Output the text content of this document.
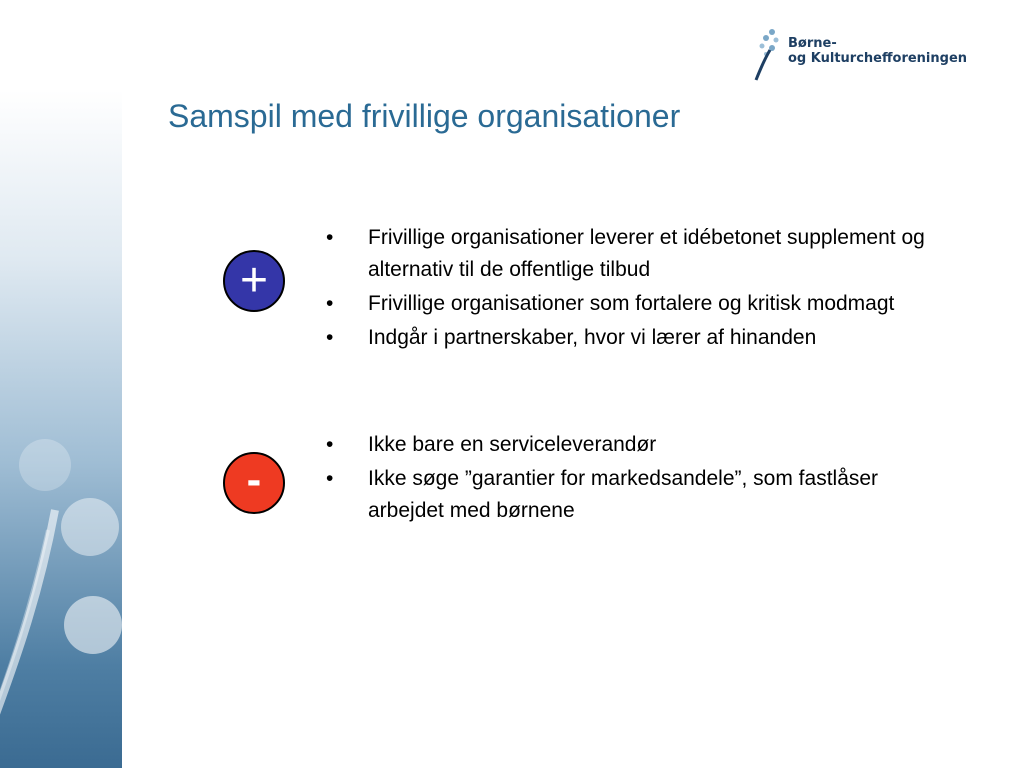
Børne-
og Kulturchefforeningen
Samspil med frivillige organisationer
+
• Frivillige organisationer leverer et idébetonet supplement og alternativ til de offentlige tilbud
• Frivillige organisationer som fortalere og kritisk modmagt
• Indgår i partnerskaber, hvor vi lærer af hinanden
-
• Ikke bare en serviceleverandør
• Ikke søge ”garantier for markedsandele”, som fastlåser arbejdet med børnene
